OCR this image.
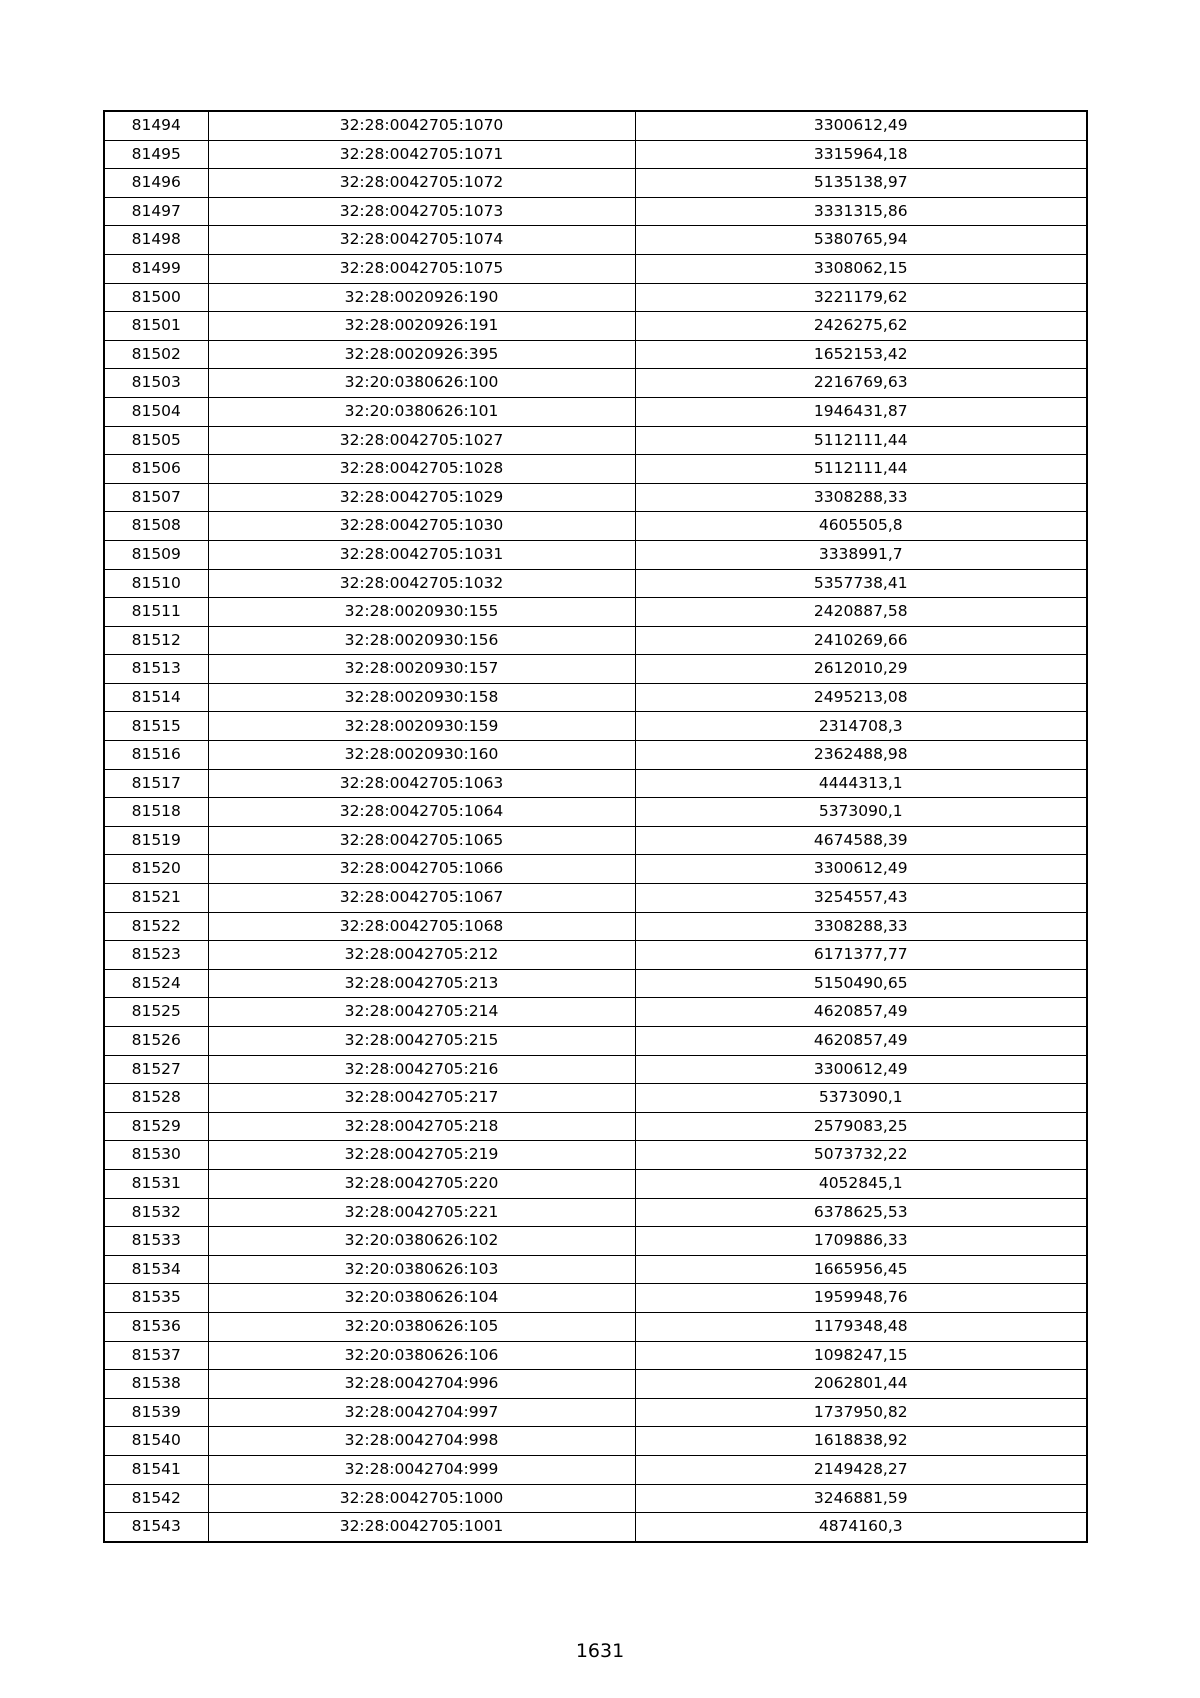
81494	32:28:0042705:1070	3300612,49
81495	32:28:0042705:1071	3315964,18
81496	32:28:0042705:1072	5135138,97
81497	32:28:0042705:1073	3331315,86
81498	32:28:0042705:1074	5380765,94
81499	32:28:0042705:1075	3308062,15
81500	32:28:0020926:190	3221179,62
81501	32:28:0020926:191	2426275,62
81502	32:28:0020926:395	1652153,42
81503	32:20:0380626:100	2216769,63
81504	32:20:0380626:101	1946431,87
81505	32:28:0042705:1027	5112111,44
81506	32:28:0042705:1028	5112111,44
81507	32:28:0042705:1029	3308288,33
81508	32:28:0042705:1030	4605505,8
81509	32:28:0042705:1031	3338991,7
81510	32:28:0042705:1032	5357738,41
81511	32:28:0020930:155	2420887,58
81512	32:28:0020930:156	2410269,66
81513	32:28:0020930:157	2612010,29
81514	32:28:0020930:158	2495213,08
81515	32:28:0020930:159	2314708,3
81516	32:28:0020930:160	2362488,98
81517	32:28:0042705:1063	4444313,1
81518	32:28:0042705:1064	5373090,1
81519	32:28:0042705:1065	4674588,39
81520	32:28:0042705:1066	3300612,49
81521	32:28:0042705:1067	3254557,43
81522	32:28:0042705:1068	3308288,33
81523	32:28:0042705:212	6171377,77
81524	32:28:0042705:213	5150490,65
81525	32:28:0042705:214	4620857,49
81526	32:28:0042705:215	4620857,49
81527	32:28:0042705:216	3300612,49
81528	32:28:0042705:217	5373090,1
81529	32:28:0042705:218	2579083,25
81530	32:28:0042705:219	5073732,22
81531	32:28:0042705:220	4052845,1
81532	32:28:0042705:221	6378625,53
81533	32:20:0380626:102	1709886,33
81534	32:20:0380626:103	1665956,45
81535	32:20:0380626:104	1959948,76
81536	32:20:0380626:105	1179348,48
81537	32:20:0380626:106	1098247,15
81538	32:28:0042704:996	2062801,44
81539	32:28:0042704:997	1737950,82
81540	32:28:0042704:998	1618838,92
81541	32:28:0042704:999	2149428,27
81542	32:28:0042705:1000	3246881,59
81543	32:28:0042705:1001	4874160,3
1631
